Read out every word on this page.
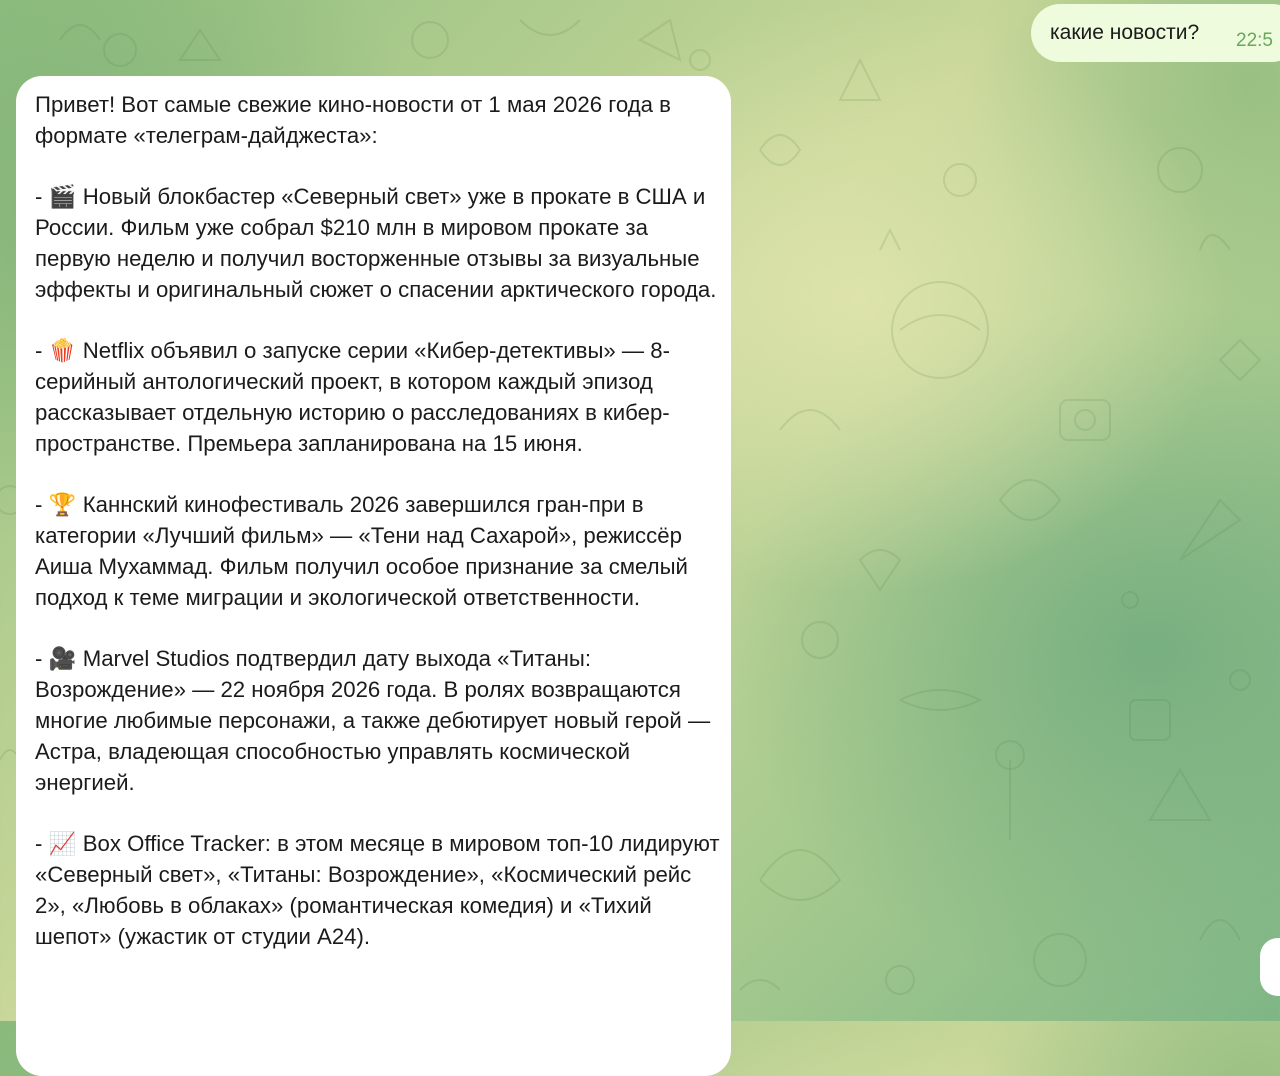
какие новости? 22:5

Привет! Вот самые свежие кино-новости от 1 мая 2026 года в формате «телеграм-дайджеста»:

- 🎬 Новый блокбастер «Северный свет» уже в прокате в США и России. Фильм уже собрал $210 млн в мировом прокате за первую неделю и получил восторженные отзывы за визуальные эффекты и оригинальный сюжет о спасении арктического города.

- 🍿 Netflix объявил о запуске серии «Кибер-детективы» — 8-серийный антологический проект, в котором каждый эпизод рассказывает отдельную историю о расследованиях в кибер-пространстве. Премьера запланирована на 15 июня.

- 🏆 Каннский кинофестиваль 2026 завершился гран-при в категории «Лучший фильм» — «Тени над Сахарой», режиссёр Аиша Мухаммад. Фильм получил особое признание за смелый подход к теме миграции и экологической ответственности.

- 🎥 Marvel Studios подтвердил дату выхода «Титаны: Возрождение» — 22 ноября 2026 года. В ролях возвращаются многие любимые персонажи, а также дебютирует новый герой — Астра, владеющая способностью управлять космической энергией.

- 📈 Box Office Tracker: в этом месяце в мировом топ-10 лидируют «Северный свет», «Титаны: Возрождение», «Космический рейс 2», «Любовь в облаках» (романтическая комедия) и «Тихий шепот» (ужастик от студии A24).
